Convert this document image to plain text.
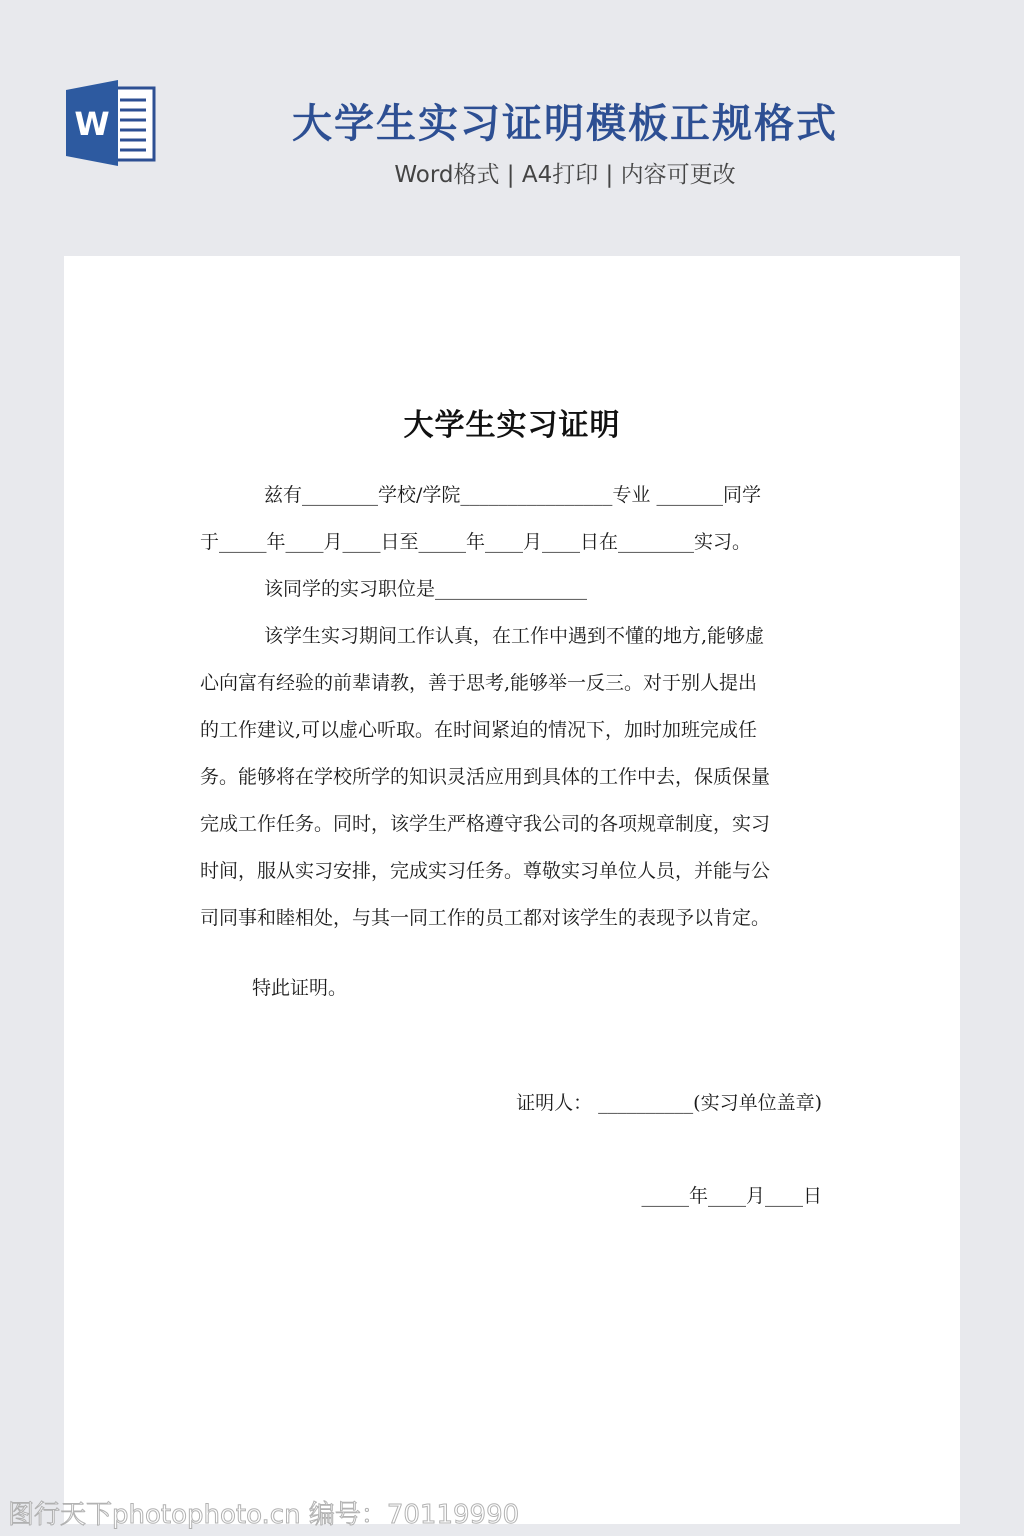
W	大学生实习证明模板正规格式
Word格式 | A4打印 | 内容可更改
大学生实习证明
兹有________学校/学院________________专业 _______同学
于_____年____月____日至_____年____月____日在________实习。
该同学的实习职位是________________
该学生实习期间工作认真，在工作中遇到不懂的地方,能够虚
心向富有经验的前辈请教，善于思考,能够举一反三。对于别人提出
的工作建议,可以虚心听取。在时间紧迫的情况下，加时加班完成任
务。能够将在学校所学的知识灵活应用到具体的工作中去，保质保量
完成工作任务。同时，该学生严格遵守我公司的各项规章制度，实习
时间，服从实习安排，完成实习任务。尊敬实习单位人员，并能与公
司同事和睦相处，与其一同工作的员工都对该学生的表现予以肯定。
特此证明。
证明人： __________(实习单位盖章)
_____年____月____日
图行天下photophoto.cn 编号：70119990
